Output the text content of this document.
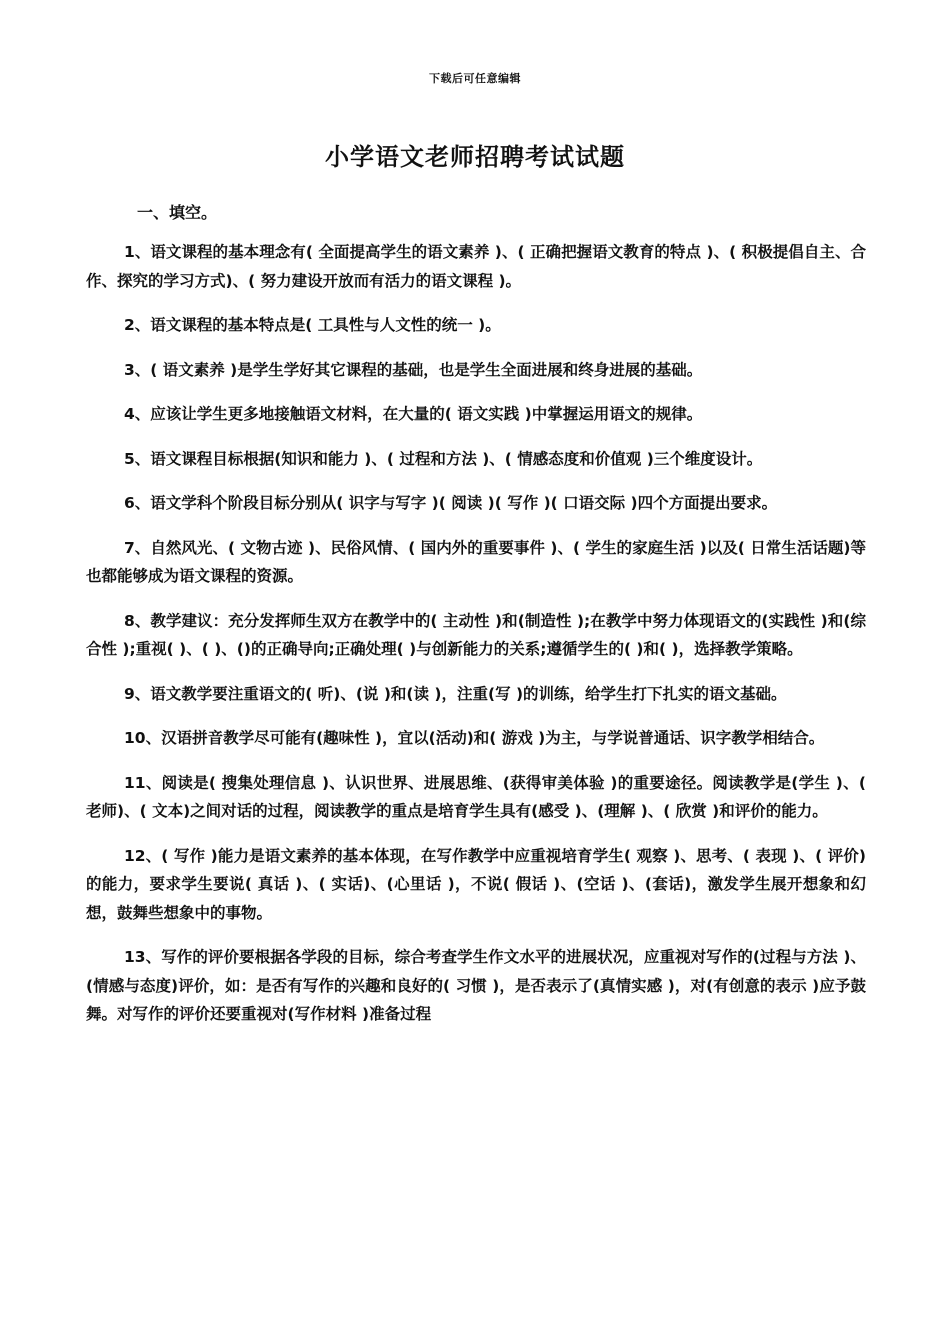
下载后可任意编辑
小学语文老师招聘考试试题
一、填空。

1、语文课程的基本理念有( 全面提高学生的语文素养 )、( 正确把握语文教育的特点 )、( 积极提倡自主、合作、探究的学习方式)、( 努力建设开放而有活力的语文课程 )。

2、语文课程的基本特点是( 工具性与人文性的统一 )。

3、( 语文素养 )是学生学好其它课程的基础，也是学生全面进展和终身进展的基础。

4、应该让学生更多地接触语文材料，在大量的( 语文实践 )中掌握运用语文的规律。

5、语文课程目标根据(知识和能力 )、( 过程和方法 )、( 情感态度和价值观 )三个维度设计。

6、语文学科个阶段目标分别从( 识字与写字 )( 阅读 )( 写作 )( 口语交际 )四个方面提出要求。

7、自然风光、( 文物古迹 )、民俗风情、( 国内外的重要事件 )、( 学生的家庭生活 )以及( 日常生活话题)等也都能够成为语文课程的资源。

8、教学建议：充分发挥师生双方在教学中的( 主动性 )和(制造性 );在教学中努力体现语文的(实践性 )和(综合性 );重视( )、( )、()的正确导向;正确处理( )与创新能力的关系;遵循学生的( )和( )，选择教学策略。

9、语文教学要注重语文的( 听)、(说 )和(读 )，注重(写 )的训练，给学生打下扎实的语文基础。

10、汉语拼音教学尽可能有(趣味性 )，宜以(活动)和( 游戏 )为主，与学说普通话、识字教学相结合。

11、阅读是( 搜集处理信息 )、认识世界、进展思维、(获得审美体验 )的重要途径。阅读教学是(学生 )、( 老师)、( 文本)之间对话的过程，阅读教学的重点是培育学生具有(感受 )、(理解 )、( 欣赏 )和评价的能力。

12、( 写作 )能力是语文素养的基本体现，在写作教学中应重视培育学生( 观察 )、思考、( 表现 )、( 评价)的能力，要求学生要说( 真话 )、( 实话)、(心里话 )，不说( 假话 )、(空话 )、(套话)，激发学生展开想象和幻想，鼓舞些想象中的事物。

13、写作的评价要根据各学段的目标，综合考查学生作文水平的进展状况，应重视对写作的(过程与方法 )、(情感与态度)评价，如：是否有写作的兴趣和良好的( 习惯 )，是否表示了(真情实感 )，对(有创意的表示 )应予鼓舞。对写作的评价还要重视对(写作材料 )准备过程
